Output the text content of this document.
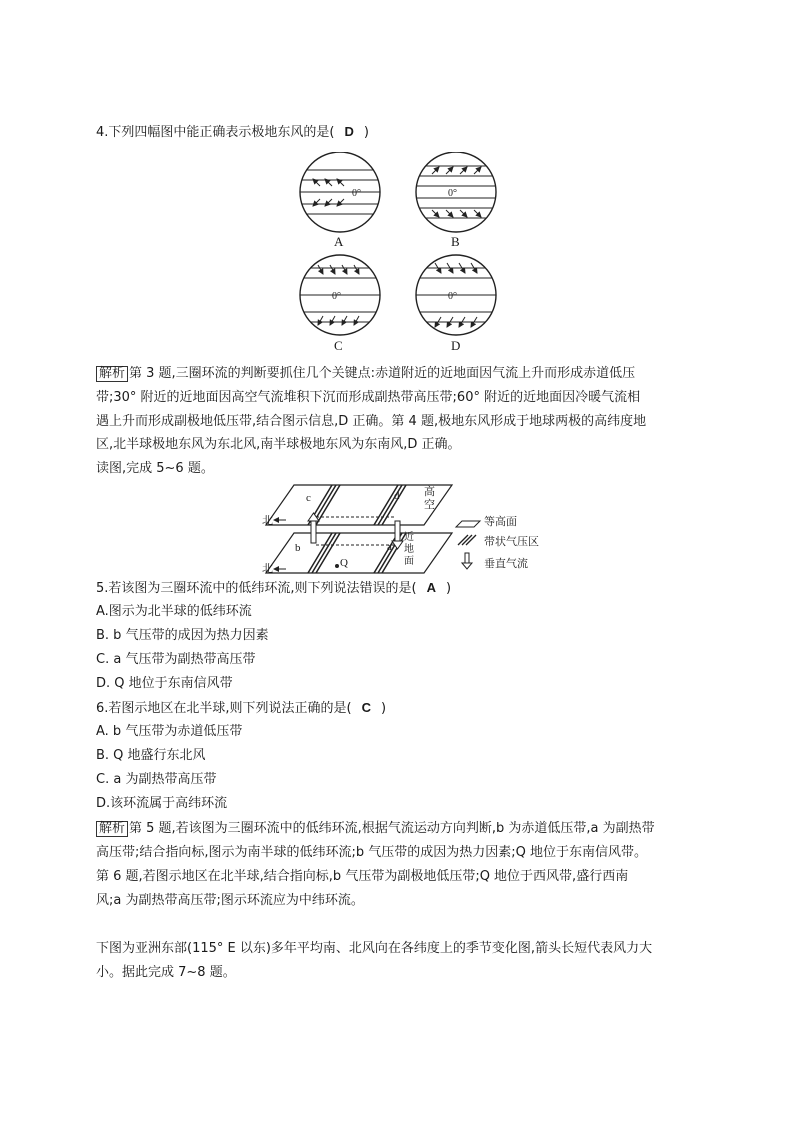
4.下列四幅图中能正确表示极地东风的是( D )
0°	0°
0°	0°
A	B
C	D
解析 第 3 题,三圈环流的判断要抓住几个关键点:赤道附近的近地面因气流上升而形成赤道低压
带;30° 附近的近地面因高空气流堆积下沉而形成副热带高压带;60° 附近的近地面因冷暖气流相
遇上升而形成副极地低压带,结合图示信息,D 正确。第 4 题,极地东风形成于地球两极的高纬度地
区,北半球极地东风为东北风,南半球极地东风为东南风,D 正确。
读图,完成 5~6 题。
北
北
c	d
b	a
Q
高空
近地面
等高面
带状气压区
垂直气流
5.若该图为三圈环流中的低纬环流,则下列说法错误的是( A )
A.图示为北半球的低纬环流
B. b 气压带的成因为热力因素
C. a 气压带为副热带高压带
D. Q 地位于东南信风带
6.若图示地区在北半球,则下列说法正确的是( C )
A. b 气压带为赤道低压带
B. Q 地盛行东北风
C. a 为副热带高压带
D.该环流属于高纬环流
解析 第 5 题,若该图为三圈环流中的低纬环流,根据气流运动方向判断,b 为赤道低压带,a 为副热带
高压带;结合指向标,图示为南半球的低纬环流;b 气压带的成因为热力因素;Q 地位于东南信风带。
第 6 题,若图示地区在北半球,结合指向标,b 气压带为副极地低压带;Q 地位于西风带,盛行西南
风;a 为副热带高压带;图示环流应为中纬环流。
下图为亚洲东部(115° E 以东)多年平均南、北风向在各纬度上的季节变化图,箭头长短代表风力大
小。据此完成 7~8 题。
